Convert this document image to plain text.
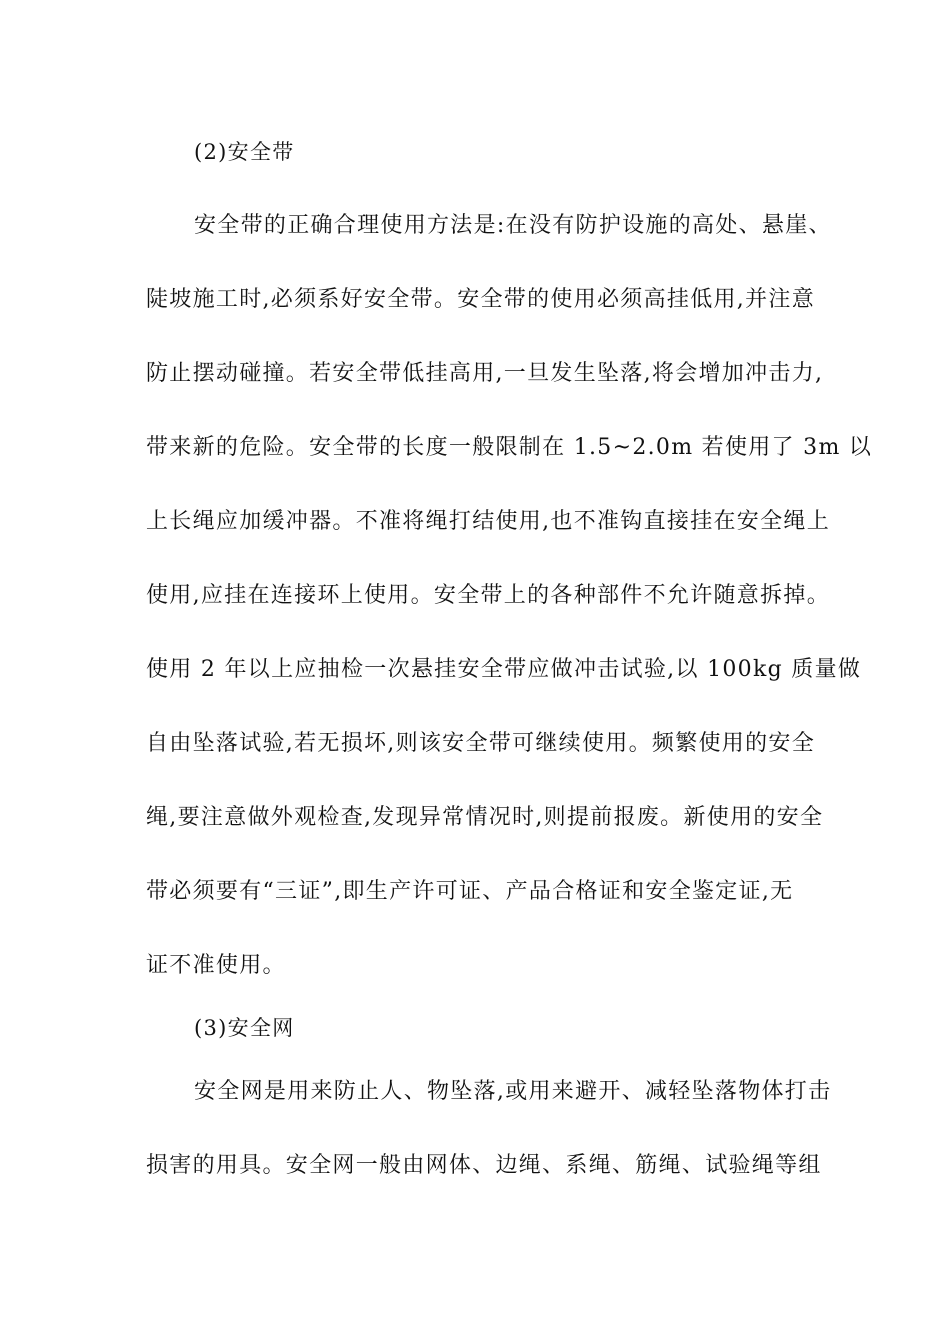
(2)安全带
安全带的正确合理使用方法是:在没有防护设施的高处、悬崖、
陡坡施工时,必须系好安全带。安全带的使用必须高挂低用,并注意
防止摆动碰撞。若安全带低挂高用,一旦发生坠落,将会增加冲击力,
带来新的危险。安全带的长度一般限制在 1.5~2.0m 若使用了 3m 以
上长绳应加缓冲器。不准将绳打结使用,也不准钩直接挂在安全绳上
使用,应挂在连接环上使用。安全带上的各种部件不允许随意拆掉。
使用 2 年以上应抽检一次悬挂安全带应做冲击试验,以 100kg 质量做
自由坠落试验,若无损坏,则该安全带可继续使用。频繁使用的安全
绳,要注意做外观检查,发现异常情况时,则提前报废。新使用的安全
带必须要有“三证”,即生产许可证、产品合格证和安全鉴定证,无
证不准使用。
(3)安全网
安全网是用来防止人、物坠落,或用来避开、减轻坠落物体打击
损害的用具。安全网一般由网体、边绳、系绳、筋绳、试验绳等组
